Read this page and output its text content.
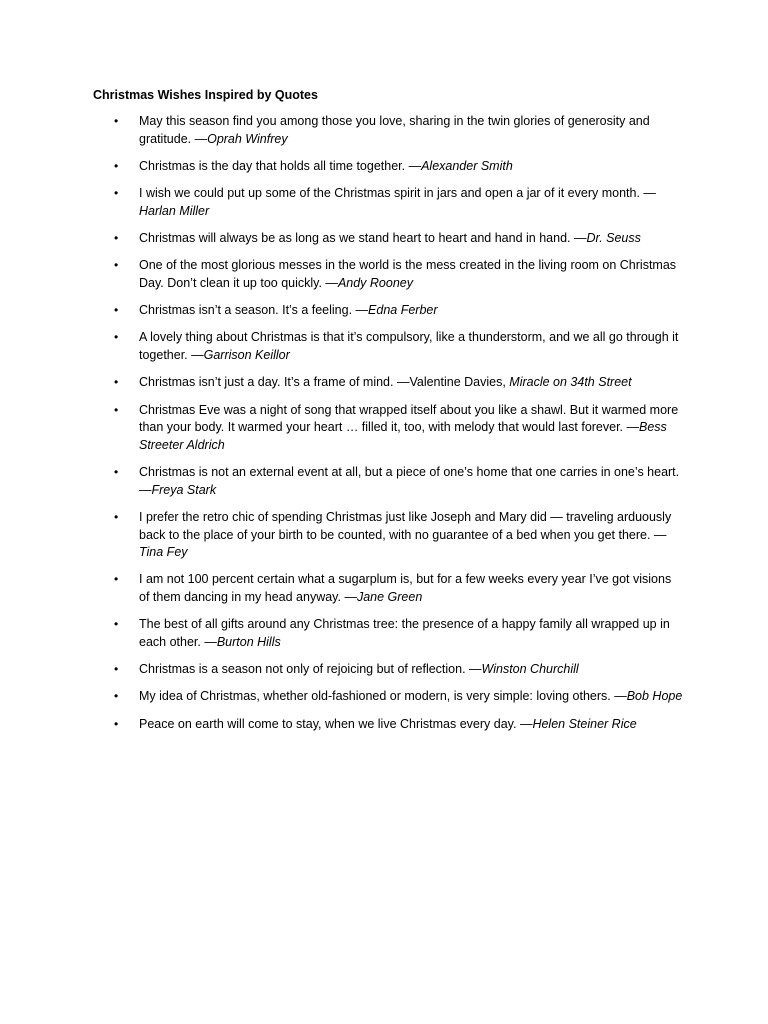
Christmas Wishes Inspired by Quotes
• May this season find you among those you love, sharing in the twin glories of generosity and gratitude. —Oprah Winfrey
• Christmas is the day that holds all time together. —Alexander Smith
• I wish we could put up some of the Christmas spirit in jars and open a jar of it every month. —Harlan Miller
• Christmas will always be as long as we stand heart to heart and hand in hand. —Dr. Seuss
• One of the most glorious messes in the world is the mess created in the living room on Christmas Day. Don’t clean it up too quickly. —Andy Rooney
• Christmas isn’t a season. It’s a feeling. —Edna Ferber
• A lovely thing about Christmas is that it’s compulsory, like a thunderstorm, and we all go through it together. —Garrison Keillor
• Christmas isn’t just a day. It’s a frame of mind. —Valentine Davies, Miracle on 34th Street
• Christmas Eve was a night of song that wrapped itself about you like a shawl. But it warmed more than your body. It warmed your heart … filled it, too, with melody that would last forever. —Bess Streeter Aldrich
• Christmas is not an external event at all, but a piece of one’s home that one carries in one’s heart. —Freya Stark
• I prefer the retro chic of spending Christmas just like Joseph and Mary did — traveling arduously back to the place of your birth to be counted, with no guarantee of a bed when you get there. —Tina Fey
• I am not 100 percent certain what a sugarplum is, but for a few weeks every year I’ve got visions of them dancing in my head anyway. —Jane Green
• The best of all gifts around any Christmas tree: the presence of a happy family all wrapped up in each other. —Burton Hills
• Christmas is a season not only of rejoicing but of reflection. —Winston Churchill
• My idea of Christmas, whether old-fashioned or modern, is very simple: loving others. —Bob Hope
• Peace on earth will come to stay, when we live Christmas every day. —Helen Steiner Rice
